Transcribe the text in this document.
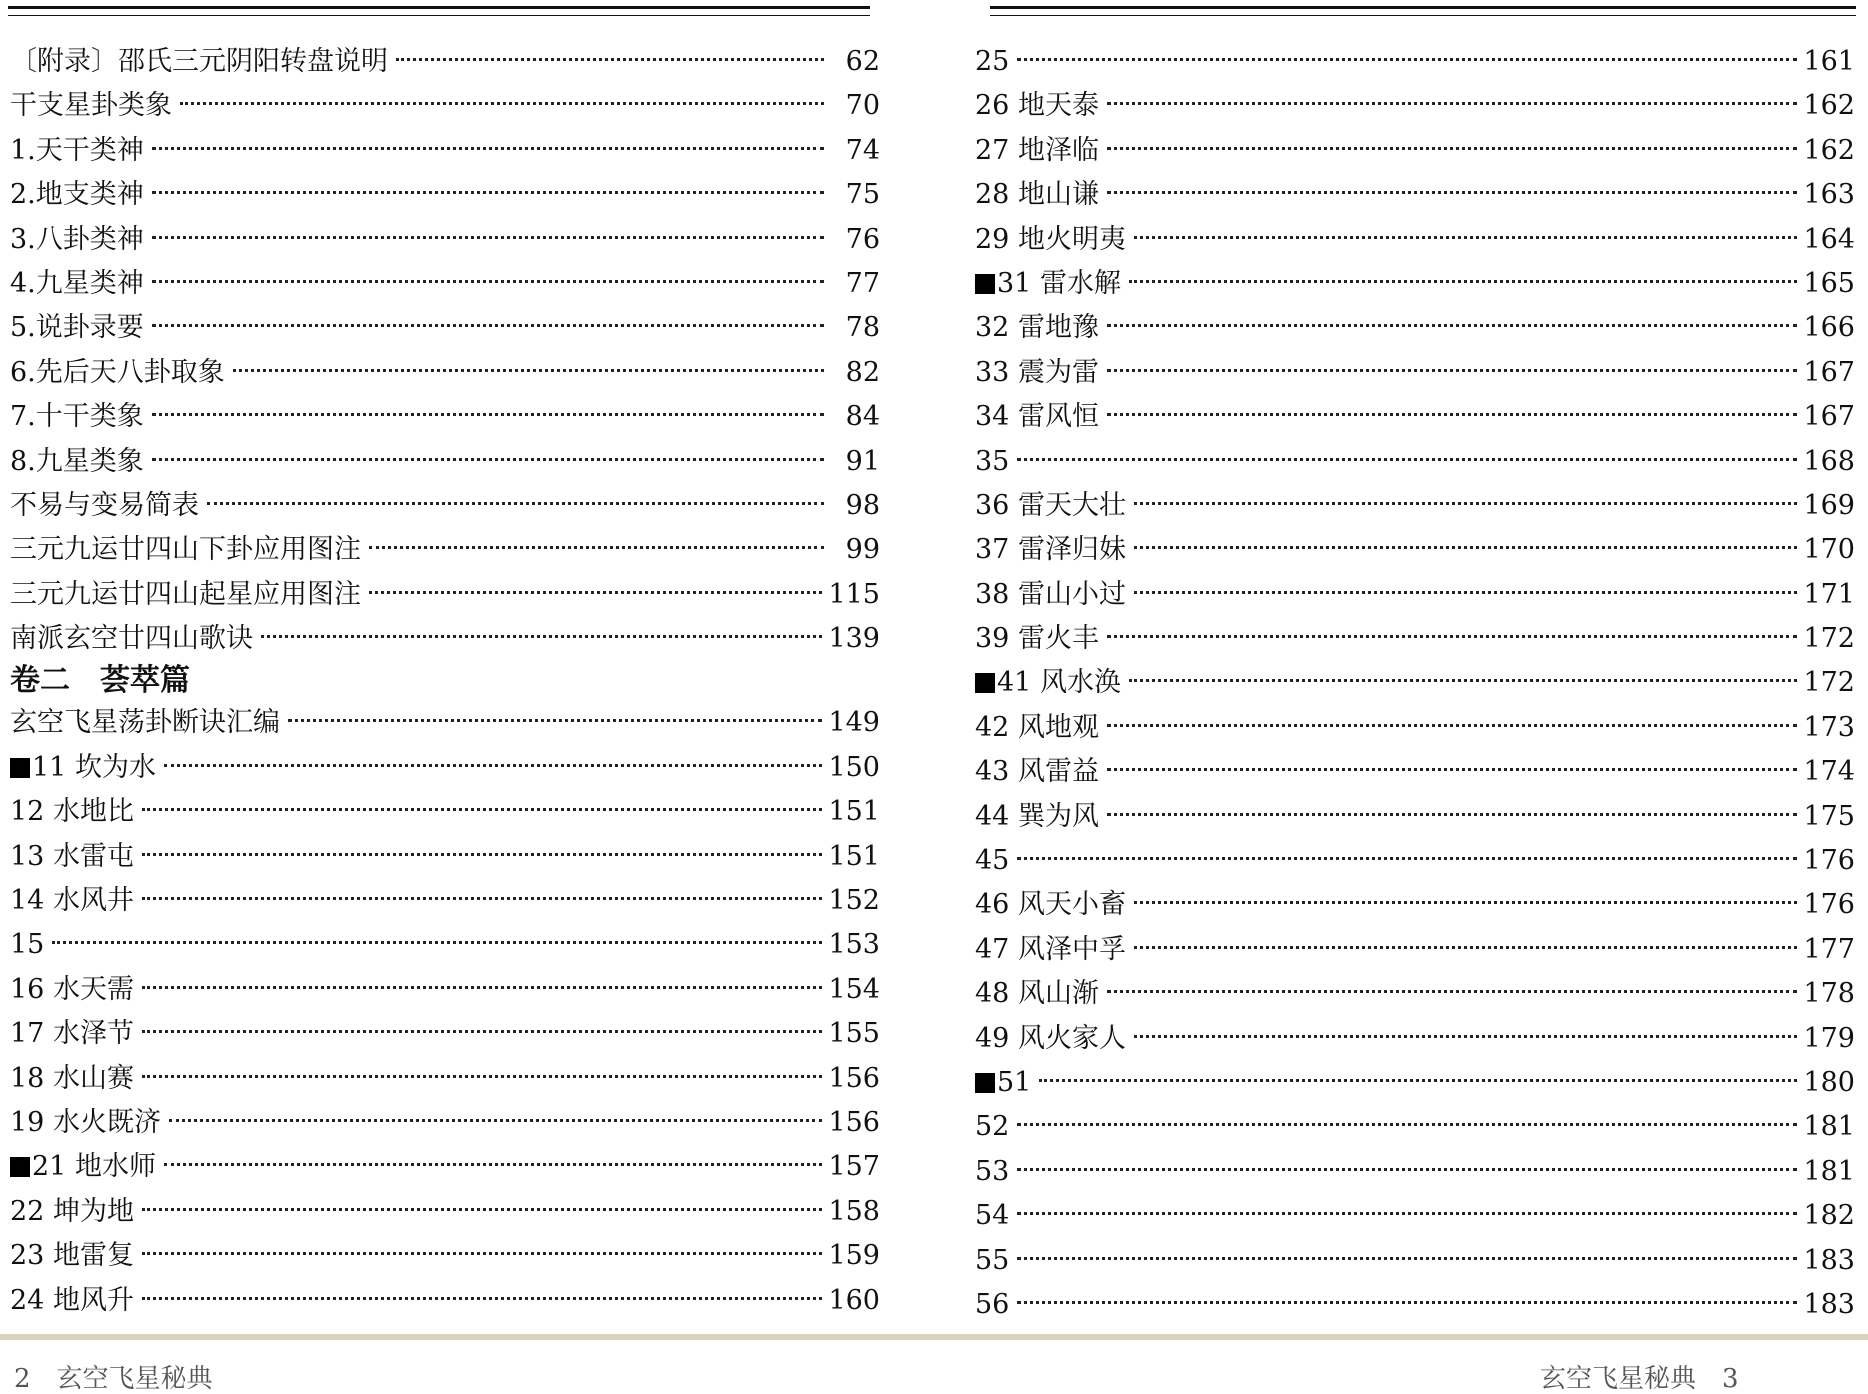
〔附录〕邵氏三元阴阳转盘说明	62
干支星卦类象	70
1.天干类神	74
2.地支类神	75
3.八卦类神	76
4.九星类神	77
5.说卦录要	78
6.先后天八卦取象	82
7.十干类象	84
8.九星类象	91
不易与变易简表	98
三元九运廿四山下卦应用图注	99
三元九运廿四山起星应用图注	115
南派玄空廿四山歌诀	139
卷二　荟萃篇
玄空飞星荡卦断诀汇编	149
11 坎为水	150
12 水地比	151
13 水雷屯	151
14 水风井	152
15	153
16 水天需	154
17 水泽节	155
18 水山赛	156
19 水火既济	156
21 地水师	157
22 坤为地	158
23 地雷复	159
24 地风升	160
25	161
26 地天泰	162
27 地泽临	162
28 地山谦	163
29 地火明夷	164
31 雷水解	165
32 雷地豫	166
33 震为雷	167
34 雷风恒	167
35	168
36 雷天大壮	169
37 雷泽归妹	170
38 雷山小过	171
39 雷火丰	172
41 风水涣	172
42 风地观	173
43 风雷益	174
44 巽为风	175
45	176
46 风天小畜	176
47 风泽中孚	177
48 风山渐	178
49 风火家人	179
51	180
52	181
53	181
54	182
55	183
56	183
2　玄空飞星秘典	玄空飞星秘典　3
